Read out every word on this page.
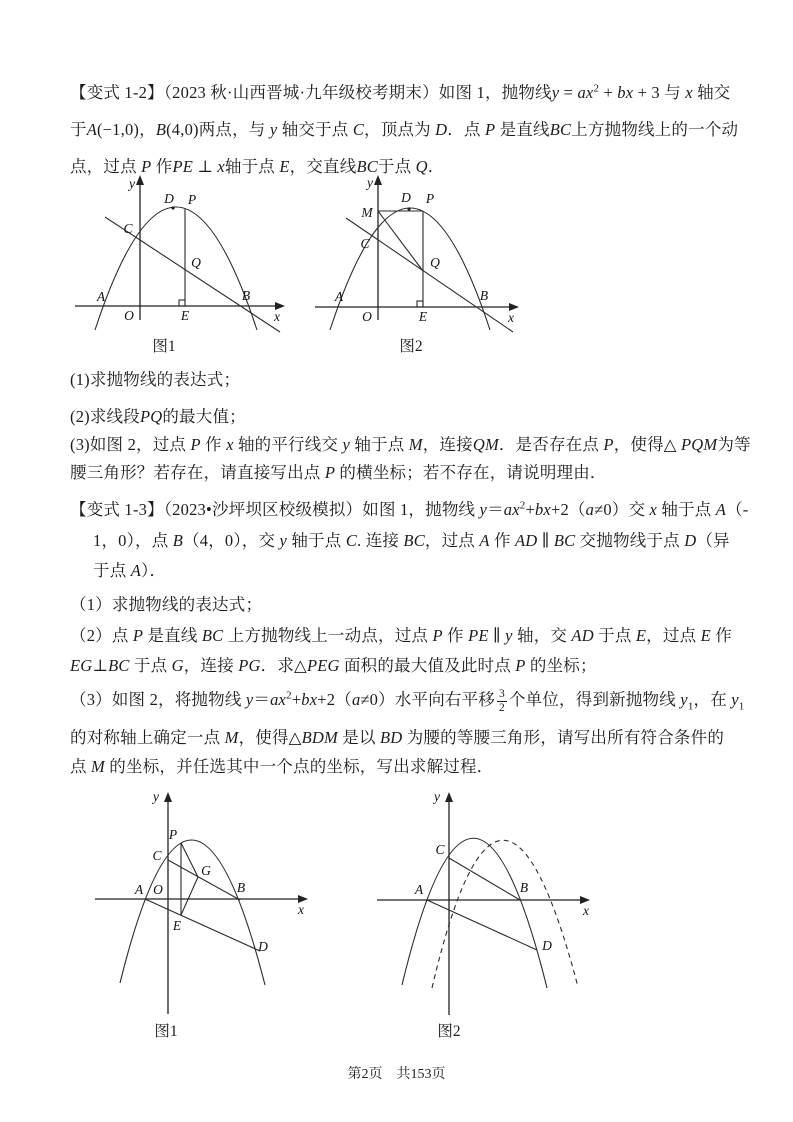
【变式 1-2】（2023 秋·山西晋城·九年级校考期末）如图 1，抛物线$y = ax^2$ + bx + 3 与 x 轴交
于A(−1,0)，B(4,0)两点，与 y 轴交于点 C，顶点为 D．点 P 是直线BC上方抛物线上的一个动
点，过点 P 作PE ⊥ x轴于点 E，交直线BC于点 Q．
y
D P
C
Q
A	B
O	E	x
图1
y
M
D P
C
Q
A	B
O	E	x
图2
(1)求抛物线的表达式；
(2)求线段PQ的最大值；
(3)如图 2，过点 P 作 x 轴的平行线交 y 轴于点 M，连接QM．是否存在点 P，使得△ PQM为等
腰三角形？若存在，请直接写出点 P 的横坐标；若不存在，请说明理由．
【变式 1-3】（2023•沙坪坝区校级模拟）如图 1，抛物线 $y=ax^2+bx+2(a\ne 0)$交 x 轴于点 A（-
1，0），点 B（4，0），交 y 轴于点 C. 连接 BC，过点 A 作 AD ∥ BC 交抛物线于点 D（异
于点 A）．
（1）求抛物线的表达式；
（2）点 P 是直线 BC 上方抛物线上一动点，过点 P 作 PE ∥ y 轴，交 AD 于点 E，过点 E 作
EG⊥BC 于点 G，连接 PG．求△PEG 面积的最大值及此时点 P 的坐标；
（3）如图 2，将抛物线 $y=ax^2+bx+2(a\ne 0)$水平向右平移 $\frac{3}{2}$ 个单位，得到新抛物线 $y_1$，在 $y_1$
的对称轴上确定一点 M，使得△BDM 是以 BD 为腰的等腰三角形，请写出所有符合条件的
点 M 的坐标，并任选其中一个点的坐标，写出求解过程．
P
C
G
A O	B
E
D
y
x
图1
C
A	B
D
y
x
图2
第2页　共153页
